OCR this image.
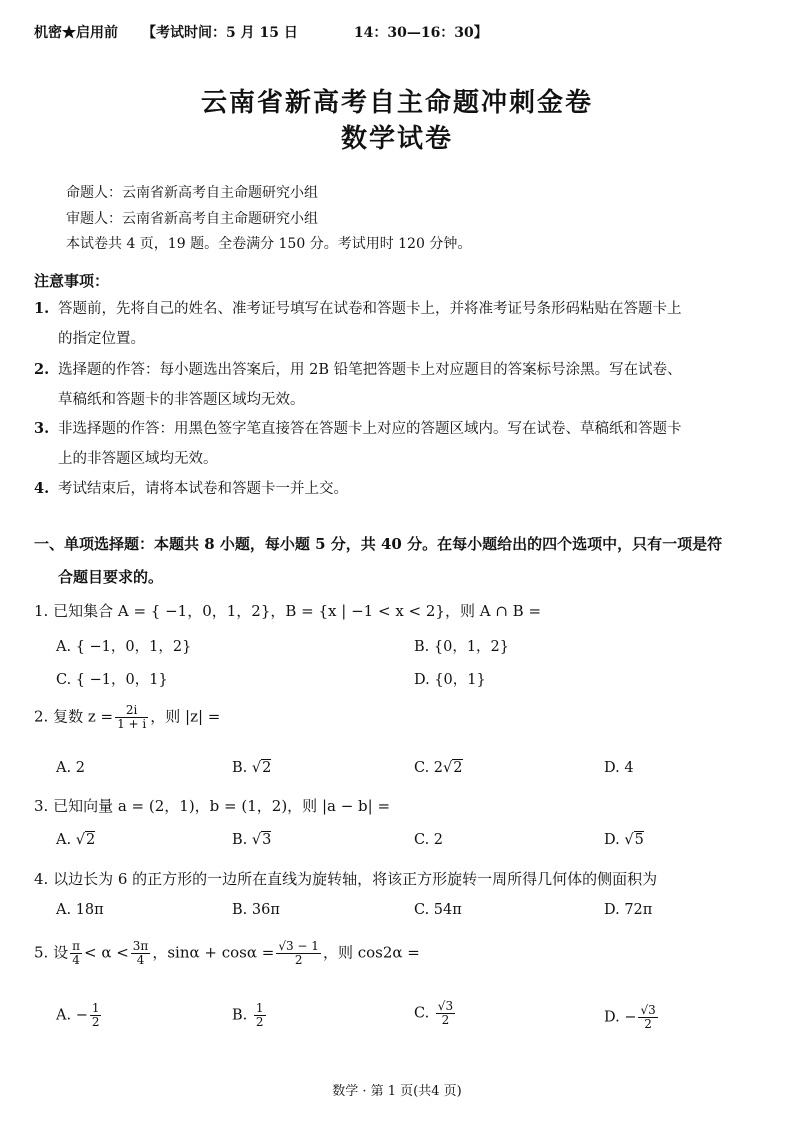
机密★启用前 【考试时间：5 月 15 日	14：30—16：30】
云南省新高考自主命题冲刺金卷
数学试卷
命题人：云南省新高考自主命题研究小组
审题人：云南省新高考自主命题研究小组
本试卷共 4 页，19 题。全卷满分 150 分。考试用时 120 分钟。
注意事项：
1. 答题前，先将自己的姓名、准考证号填写在试卷和答题卡上，并将准考证号条形码粘贴在答题卡上
的指定位置。
2. 选择题的作答：每小题选出答案后，用 2B 铅笔把答题卡上对应题目的答案标号涂黑。写在试卷、
草稿纸和答题卡的非答题区域均无效。
3. 非选择题的作答：用黑色签字笔直接答在答题卡上对应的答题区域内。写在试卷、草稿纸和答题卡
上的非答题区域均无效。
4. 考试结束后，请将本试卷和答题卡一并上交。
一、单项选择题：本题共 8 小题，每小题 5 分，共 40 分。在每小题给出的四个选项中，只有一项是符
合题目要求的。
1. 已知集合 A = { −1，0，1，2}，B = {x | −1 < x < 2}，则 A ∩ B =
A. { −1，0，1，2}	B. {0，1，2}
C. { −1，0，1}	D. {0，1}
2. 复数 $z = \frac{2i}{1 + i}$ ，则 |z| =
A. 2	B. √2	C. 2√2	D. 4
3. 已知向量 a = (2，1)，b = (1，2)，则 |a − b| =
A. √2	B. √3	C. 2	D. √5
4. 以边长为 6 的正方形的一边所在直线为旋转轴，将该正方形旋转一周所得几何体的侧面积为
A. 18π	B. 36π	C. 54π	D. 72π
5. 设 $\frac{\pi}{4} < \alpha < \frac{3\pi}{4}$ ，$\sin\alpha + \cos\alpha = \frac{√3 - 1}{2}$ ，则 cos2α =
A. − $\frac{1}{2}$	B. $\frac{1}{2}$	C. $\frac{√3}{2}$	D. − $\frac{√3}{2}$
数学 · 第 1 页(共4 页)
